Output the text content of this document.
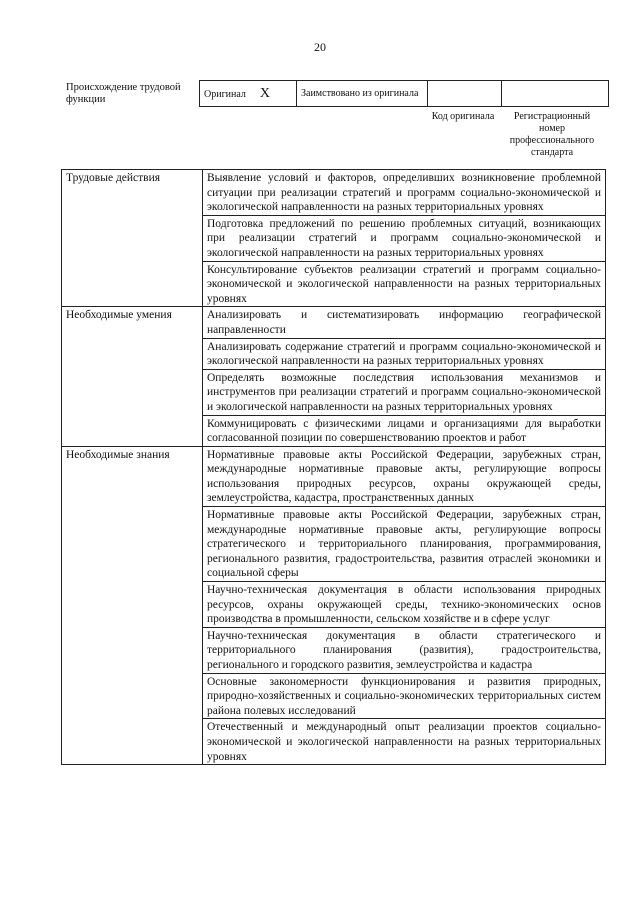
20
Происхождение трудовой функции	Оригинал X	Заимствовано из оригинала		
Код оригинала	Регистрационный номер профессионального стандарта
Трудовые действия	Выявление условий и факторов, определивших возникновение проблемной ситуации при реализации стратегий и программ социально-экономической и экологической направленности на разных территориальных уровнях
	Подготовка предложений по решению проблемных ситуаций, возникающих при реализации стратегий и программ социально-экономической и экологической направленности на разных территориальных уровнях
	Консультирование субъектов реализации стратегий и программ социально-экономической и экологической направленности на разных территориальных уровнях
Необходимые умения	Анализировать и систематизировать информацию географической направленности
	Анализировать содержание стратегий и программ социально-экономической и экологической направленности на разных территориальных уровнях
	Определять возможные последствия использования механизмов и инструментов при реализации стратегий и программ социально-экономической и экологической направленности на разных территориальных уровнях
	Коммуницировать с физическими лицами и организациями для выработки согласованной позиции по совершенствованию проектов и работ
Необходимые знания	Нормативные правовые акты Российской Федерации, зарубежных стран, международные нормативные правовые акты, регулирующие вопросы использования природных ресурсов, охраны окружающей среды, землеустройства, кадастра, пространственных данных
	Нормативные правовые акты Российской Федерации, зарубежных стран, международные нормативные правовые акты, регулирующие вопросы стратегического и территориального планирования, программирования, регионального развития, градостроительства, развития отраслей экономики и социальной сферы
	Научно-техническая документация в области использования природных ресурсов, охраны окружающей среды, технико-экономических основ производства в промышленности, сельском хозяйстве и в сфере услуг
	Научно-техническая документация в области стратегического и территориального планирования (развития), градостроительства, регионального и городского развития, землеустройства и кадастра
	Основные закономерности функционирования и развития природных, природно-хозяйственных и социально-экономических территориальных систем района полевых исследований
	Отечественный и международный опыт реализации проектов социально-экономической и экологической направленности на разных территориальных уровнях
